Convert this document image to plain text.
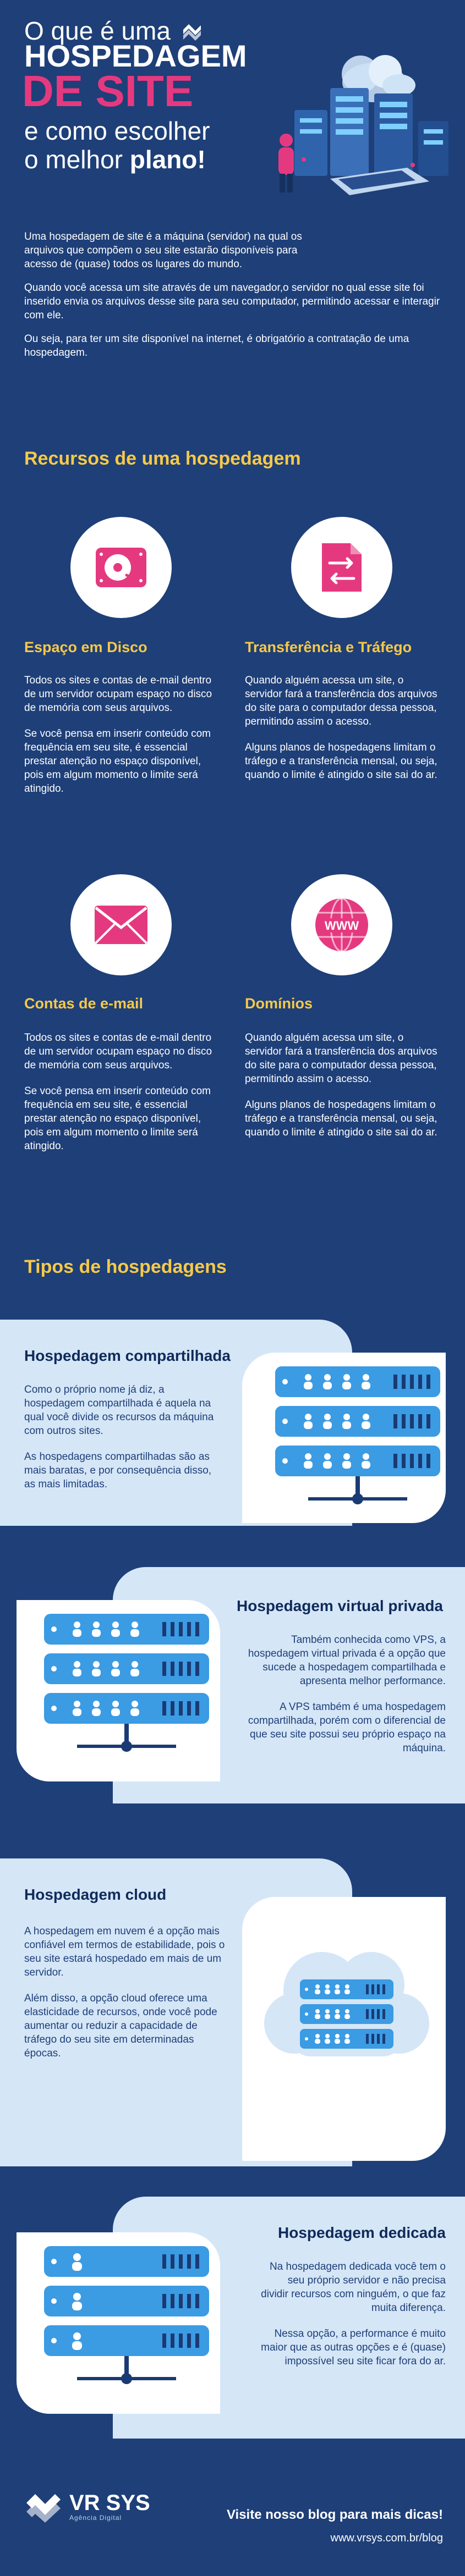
O que é uma
HOSPEDAGEM
DE SITE
e como escolher
o melhor plano!

Uma hospedagem de site é a máquina (servidor) na qual os arquivos que compõem o seu site estarão disponíveis para acesso de (quase) todos os lugares do mundo.

Quando você acessa um site através de um navegador,o servidor no qual esse site foi inserido envia os arquivos desse site para seu computador, permitindo acessar e interagir com ele.

Ou seja, para ter um site disponível na internet, é obrigatório a contratação de uma hospedagem.

Recursos de uma hospedagem
Espaço em Disco

Todos os sites e contas de e-mail dentro de um servidor ocupam espaço no disco de memória com seus arquivos.

Se você pensa em inserir conteúdo com frequência em seu site, é essencial prestar atenção no espaço disponível, pois em algum momento o limite será atingido.

Transferência e Tráfego

Quando alguém acessa um site, o servidor fará a transferência dos arquivos do site para o computador dessa pessoa, permitindo assim o acesso.

Alguns planos de hospedagens limitam o tráfego e a transferência mensal, ou seja, quando o limite é atingido o site sai do ar.

Contas de e-mail

Todos os sites e contas de e-mail dentro de um servidor ocupam espaço no disco de memória com seus arquivos.

Se você pensa em inserir conteúdo com frequência em seu site, é essencial prestar atenção no espaço disponível, pois em algum momento o limite será atingido.

WWW
Domínios

Quando alguém acessa um site, o servidor fará a transferência dos arquivos do site para o computador dessa pessoa, permitindo assim o acesso.

Alguns planos de hospedagens limitam o tráfego e a transferência mensal, ou seja, quando o limite é atingido o site sai do ar.

Tipos de hospedagens
Hospedagem compartilhada

Como o próprio nome já diz, a hospedagem compartilhada é aquela na qual você divide os recursos da máquina com outros sites.

As hospedagens compartilhadas são as mais baratas, e por consequência disso, as mais limitadas.

Hospedagem virtual privada

Também conhecida como VPS, a hospedagem virtual privada é a opção que sucede a hospedagem compartilhada e apresenta melhor performance.

A VPS também é uma hospedagem compartilhada, porém com o diferencial de que seu site possui seu próprio espaço na máquina.

Hospedagem cloud

A hospedagem em nuvem é a opção mais confiável em termos de estabilidade, pois o seu site estará hospedado em mais de um servidor.

Além disso, a opção cloud oferece uma elasticidade de recursos, onde você pode aumentar ou reduzir a capacidade de tráfego do seu site em determinadas épocas.

Hospedagem dedicada

Na hospedagem dedicada você tem o seu próprio servidor e não precisa dividir recursos com ninguém, o que faz muita diferença.

Nessa opção, a performance é muito maior que as outras opções e é (quase) impossível seu site ficar fora do ar.

VR SYS
Agência Digital	Visite nosso blog para mais dicas!
www.vrsys.com.br/blog
